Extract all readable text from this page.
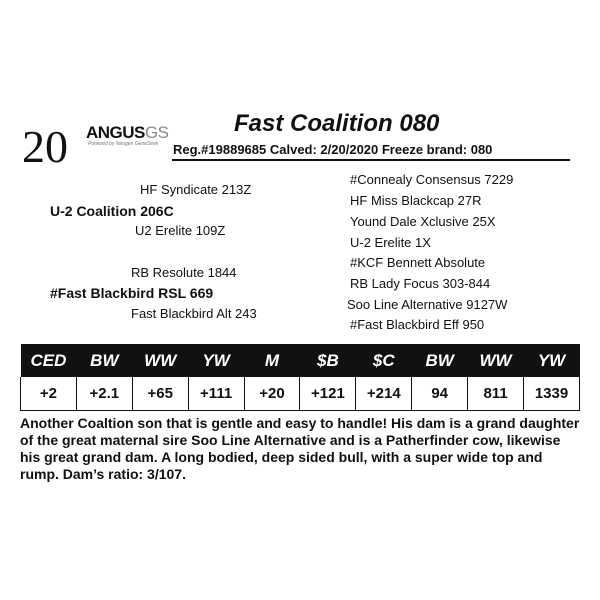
20 ANGUSGS
Powered by Neogen GeneSeek
Fast Coalition 080
Reg.#19889685 Calved: 2/20/2020 Freeze brand: 080
HF Syndicate 213Z
U-2 Coalition 206C
U2 Erelite 109Z
RB Resolute 1844
#Fast Blackbird RSL 669
Fast Blackbird Alt 243
#Connealy Consensus 7229
HF Miss Blackcap 27R
Yound Dale Xclusive 25X
U-2 Erelite 1X
#KCF Bennett Absolute
RB Lady Focus 303-844
Soo Line Alternative 9127W
#Fast Blackbird Eff 950
CED	BW	WW	YW	M	$B	$C	BW	WW	YW
+2	+2.1	+65	+111	+20	+121	+214	94	811	1339
Another Coaltion son that is gentle and easy to handle! His dam is a grand daughter of the great maternal sire Soo Line Alternative and is a Patherfinder cow, likewise his great grand dam. A long bodied, deep sided bull, with a super wide top and rump. Dam’s ratio: 3/107.
